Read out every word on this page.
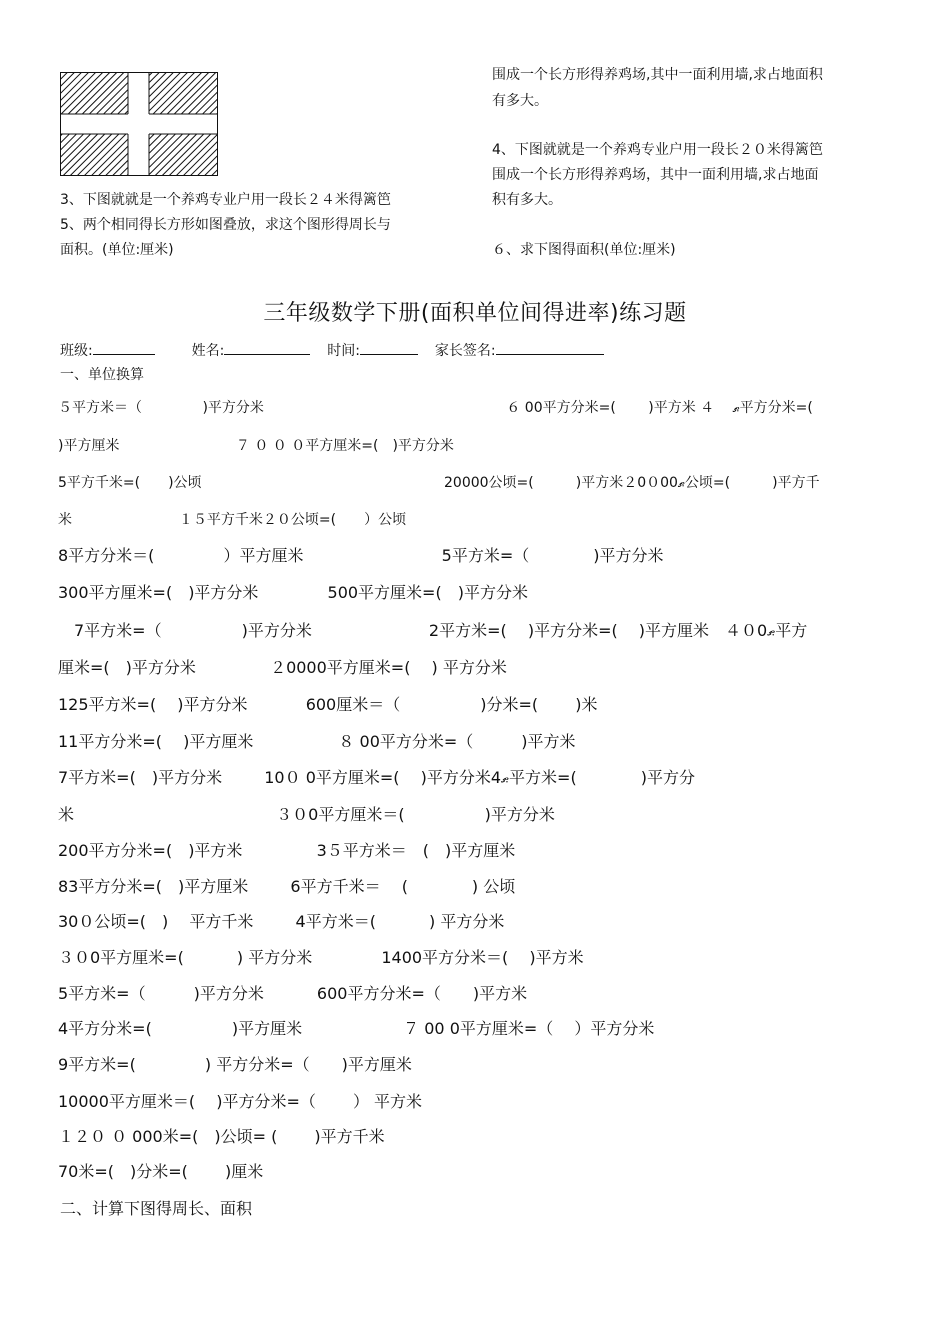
围成一个长方形得养鸡场,其中一面利用墙,求占地面积
有多大。
4、下图就就是一个养鸡专业户用一段长２０米得篱笆
围成一个长方形得养鸡场，其中一面利用墙,求占地面
积有多大。
６、求下图得面积(单位:厘米)
3、下图就就是一个养鸡专业户用一段长２４米得篱笆
5、两个相同得长方形如图叠放，求这个图形得周长与
面积。(单位:厘米)
三年级数学下册(面积单位间得进率)练习题
班级:	姓名:	时间:	家长签名:
一、单位换算
５平方米＝（ 　　　　)平方分米 　　　　　　　　　　　　　　　　　６ 00平方分米=(　　 )平方米 ４ 　ޠ平方分米=(
)平方厘米 　　　　　　　　７ ０ ０ ０平方厘米=(　)平方分米
5平方千米=(　　)公顷 　　　　　　　　　　　　　　　　　20000公顷=(　　　)平方米２0０00ޠ公顷=(　　　)平方千
米 　　　　　　　 １５平方千米２０公顷=(　　）公顷
8平方分米＝(　　　　 ）平方厘米 　　　　　　　　 5平方米=（　　　　)平方分米
300平方厘米=(　)平方分米 　　　　500平方厘米=(　)平方分米
　7平方米=（　　　　　)平方分米 　　　　　　　2平方米=(　 )平方分米=(　 )平方厘米　４０0ޠ平方
厘米=(　)平方分米 　　　　 ２0000平方厘米=(　 ) 平方分米
125平方米=(　 )平方分米 　　　 600厘米＝（　　　　　)分米=(　　 )米
11平方分米=(　 )平方厘米 　　　　　８ 00平方分米=（　　　)平方米
7平方米=(　)平方分米 　　 10０ 0平方厘米=(　 )平方分米4ޠ平方米=(　　　　)平方分
米 　　　　　　　　　　　　 ３０0平方厘米＝(　　　　　)平方分米
200平方分米=(　)平方米 　　　　 3５平方米＝　(　)平方厘米
83平方分米=(　)平方厘米 　　 6平方千米＝　 (　　　　) 公顷
30０公顷=(　) 　平方千米 　　 4平方米＝(　　　 ) 平方分米
３０0平方厘米=(　　　 ) 平方分米 　　　　1400平方分米＝( 　)平方米
5平方米=（　　　)平方分米 　　　600平方分米=（　　)平方米
4平方分米=(　　　　　)平方厘米 　　　　　　７ 00 0平方厘米=（　 ）平方分米
9平方米=(　　　　 ) 平方分米=（　　)平方厘米
10000平方厘米＝(　 )平方分米=（　　 ） 平方米
１２０ ０ 000米=(　)公顷= (　　 )平方千米
70米=(　)分米=(　　 )厘米
二、计算下图得周长、面积
